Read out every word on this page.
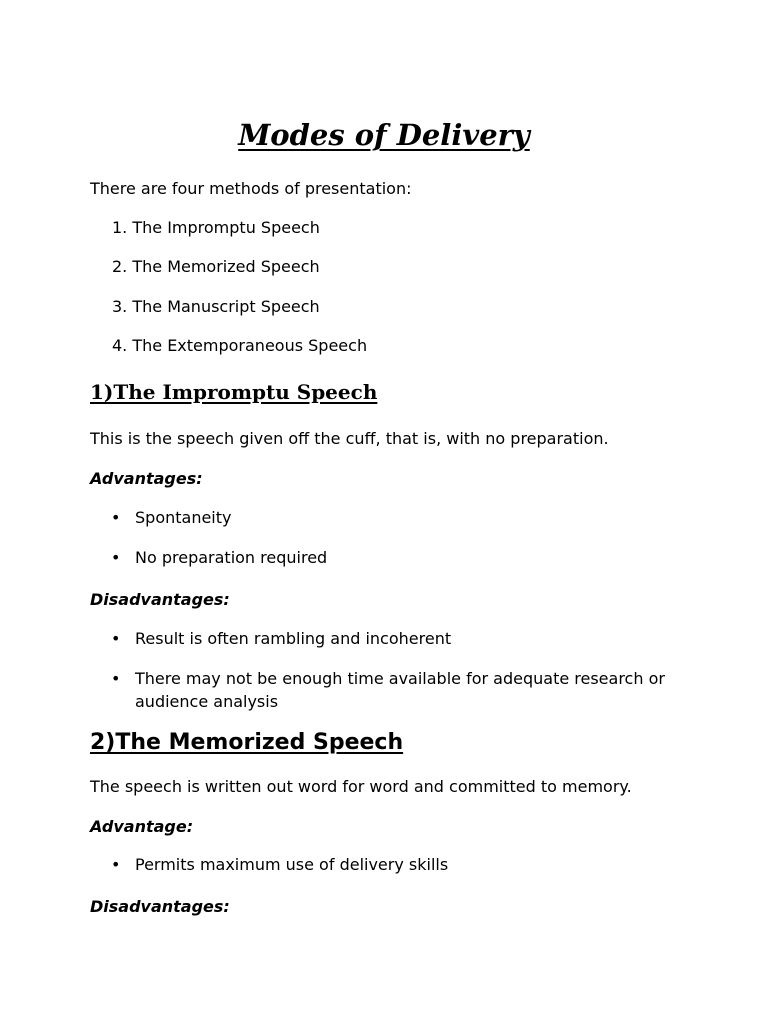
Modes of Delivery

There are four methods of presentation:

1. The Impromptu Speech
2. The Memorized Speech
3. The Manuscript Speech
4. The Extemporaneous Speech
1)The Impromptu Speech

This is the speech given off the cuff, that is, with no preparation.

Advantages:
• Spontaneity
• No preparation required
Disadvantages:
• Result is often rambling and incoherent
• There may not be enough time available for adequate research or audience analysis
2)The Memorized Speech

The speech is written out word for word and committed to memory.

Advantage:
• Permits maximum use of delivery skills
Disadvantages:
